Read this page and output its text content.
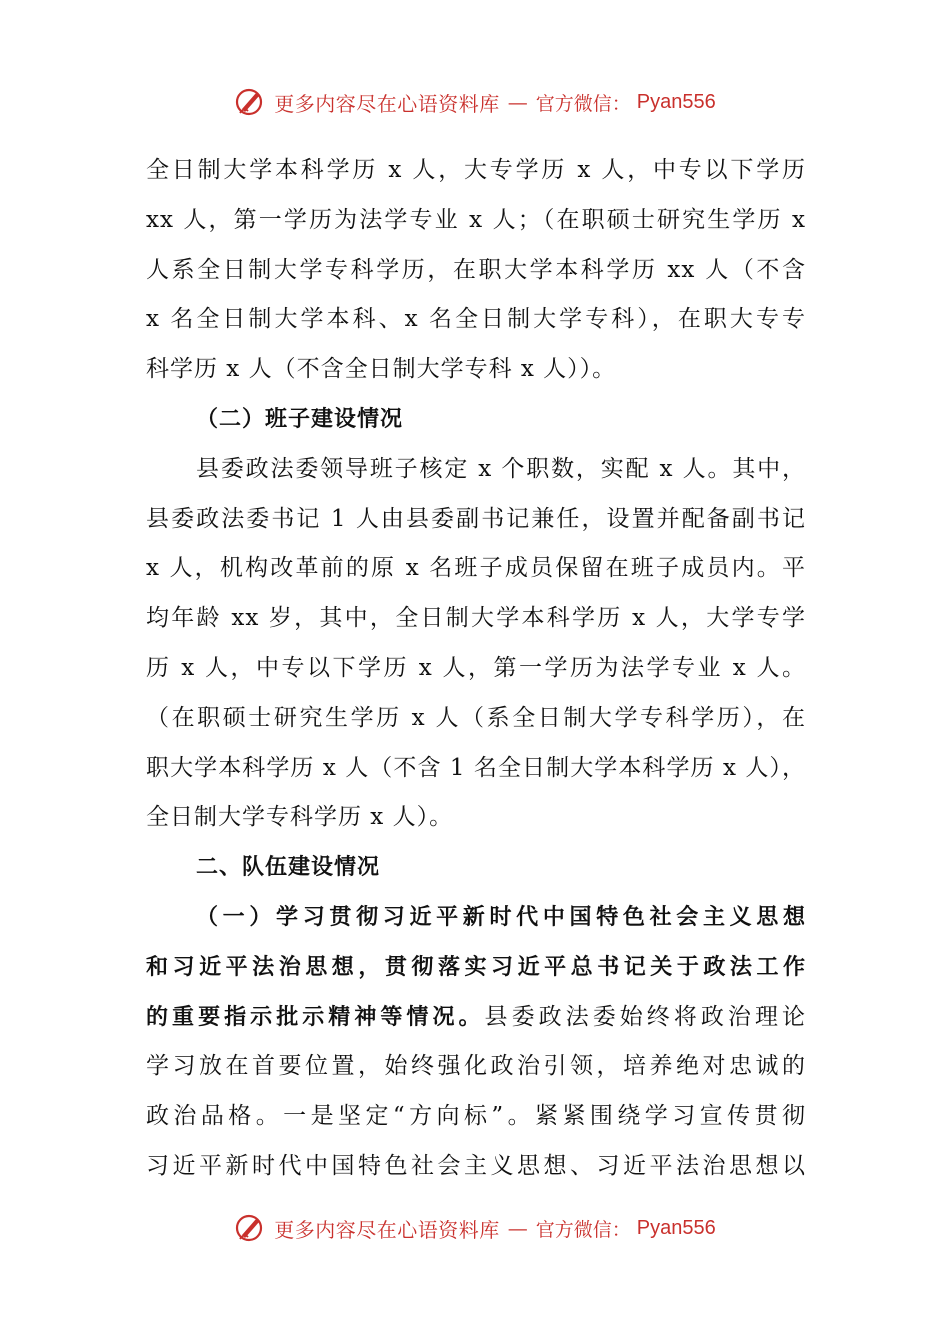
更多内容尽在心语资料库 — 官方微信： Pyan556
全日制大学本科学历 x 人，大专学历 x 人，中专以下学历
xx 人，第一学历为法学专业 x 人；（在职硕士研究生学历 x
人系全日制大学专科学历，在职大学本科学历 xx 人（不含
x 名全日制大学本科、x 名全日制大学专科），在职大专专
科学历 x 人（不含全日制大学专科 x 人））。
（二）班子建设情况
县委政法委领导班子核定 x 个职数，实配 x 人。其中，
县委政法委书记 1 人由县委副书记兼任，设置并配备副书记
x 人，机构改革前的原 x 名班子成员保留在班子成员内。平
均年龄 xx 岁，其中，全日制大学本科学历 x 人，大学专学
历 x 人，中专以下学历 x 人，第一学历为法学专业 x 人。
（在职硕士研究生学历 x 人（系全日制大学专科学历），在
职大学本科学历 x 人（不含 1 名全日制大学本科学历 x 人），
全日制大学专科学历 x 人）。
二、队伍建设情况
（一）学习贯彻习近平新时代中国特色社会主义思想
和习近平法治思想，贯彻落实习近平总书记关于政法工作
的重要指示批示精神等情况。县委政法委始终将政治理论
学习放在首要位置，始终强化政治引领，培养绝对忠诚的
政治品格。一是坚定“方向标”。紧紧围绕学习宣传贯彻
习近平新时代中国特色社会主义思想、习近平法治思想以
更多内容尽在心语资料库 — 官方微信： Pyan556
